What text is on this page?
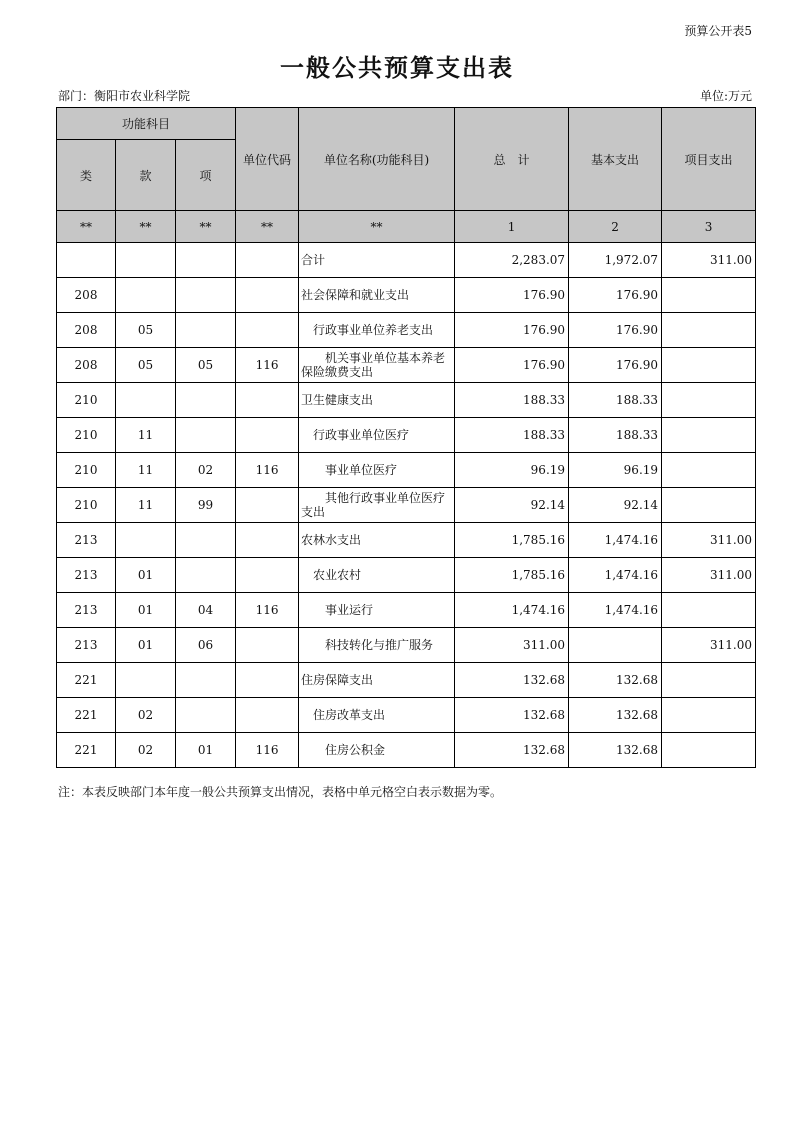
预算公开表5
一般公共预算支出表
部门：衡阳市农业科学院	单位:万元
功能科目			单位代码	单位名称(功能科目)	总　计	基本支出	项目支出
类	款	项					
**	**	**	**	**	1	2	3
				合计	2,283.07	1,972.07	311.00
208				社会保障和就业支出	176.90	176.90	
208	05			行政事业单位养老支出	176.90	176.90	
208	05	05	116	机关事业单位基本养老保险缴费支出	176.90	176.90	
210				卫生健康支出	188.33	188.33	
210	11			行政事业单位医疗	188.33	188.33	
210	11	02	116	事业单位医疗	96.19	96.19	
210	11	99		其他行政事业单位医疗支出	92.14	92.14	
213				农林水支出	1,785.16	1,474.16	311.00
213	01			农业农村	1,785.16	1,474.16	311.00
213	01	04	116	事业运行	1,474.16	1,474.16	
213	01	06		科技转化与推广服务	311.00		311.00
221				住房保障支出	132.68	132.68	
221	02			住房改革支出	132.68	132.68	
221	02	01	116	住房公积金	132.68	132.68	
注：本表反映部门本年度一般公共预算支出情况，表格中单元格空白表示数据为零。
